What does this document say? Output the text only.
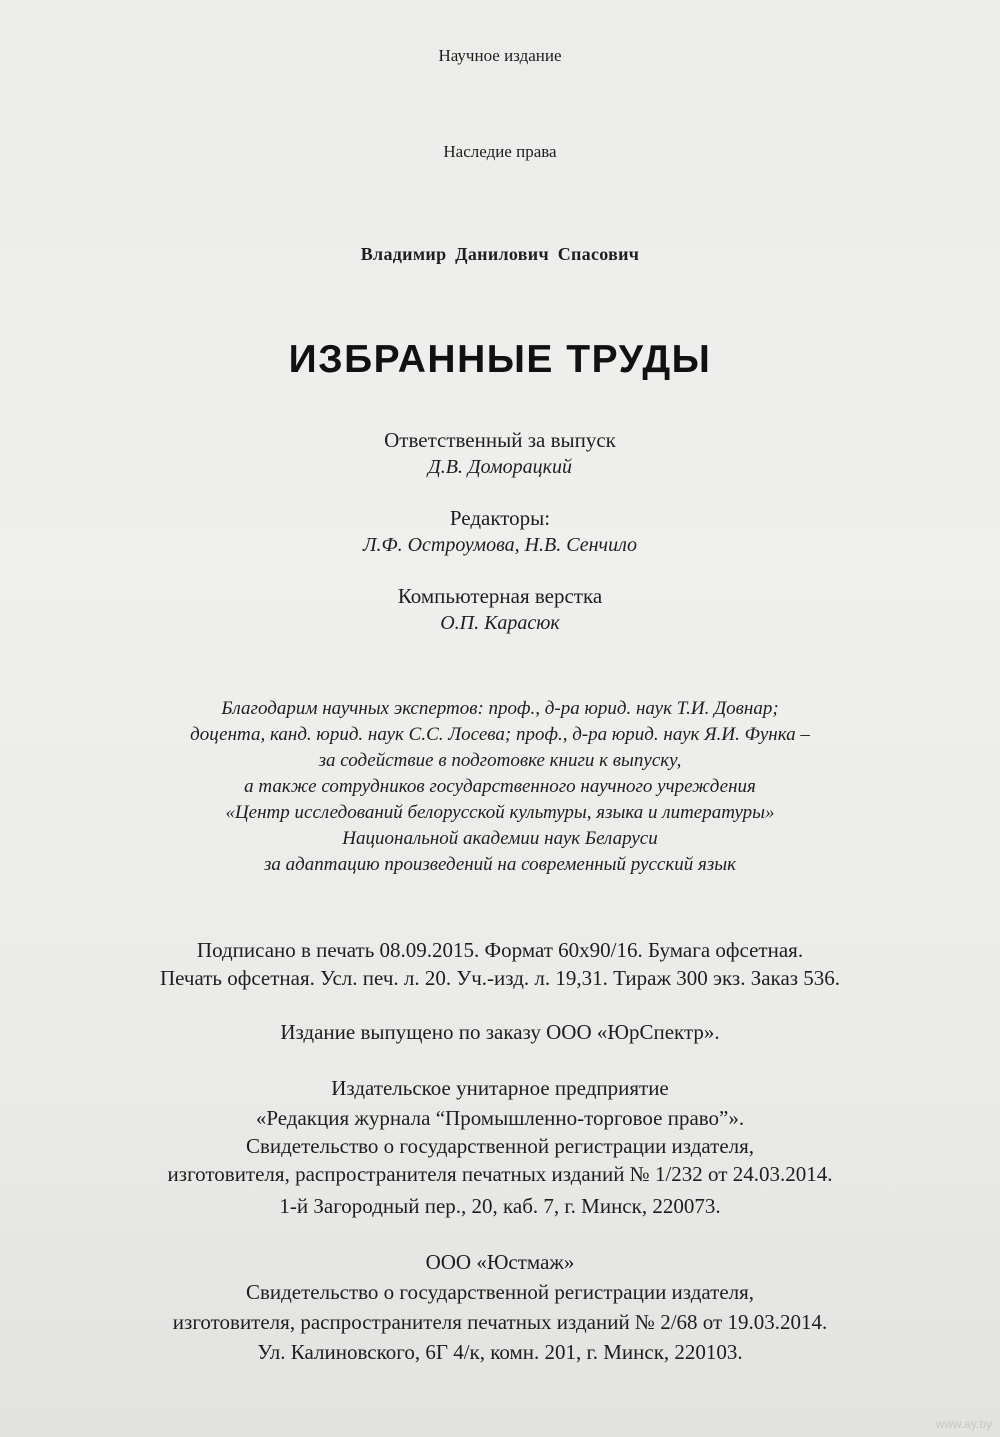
Научное издание
Наследие права
Владимир Данилович Спасович
ИЗБРАННЫЕ ТРУДЫ
Ответственный за выпуск
Д.В. Доморацкий
Редакторы:
Л.Ф. Остроумова, Н.В. Сенчило
Компьютерная верстка
О.П. Карасюк
Благодарим научных экспертов: проф., д-ра юрид. наук Т.И. Довнар;
доцента, канд. юрид. наук С.С. Лосева; проф., д-ра юрид. наук Я.И. Функа –
за содействие в подготовке книги к выпуску,
а также сотрудников государственного научного учреждения
«Центр исследований белорусской культуры, языка и литературы»
Национальной академии наук Беларуси
за адаптацию произведений на современный русский язык
Подписано в печать 08.09.2015. Формат 60х90/16. Бумага офсетная.
Печать офсетная. Усл. печ. л. 20. Уч.-изд. л. 19,31. Тираж 300 экз. Заказ 536.
Издание выпущено по заказу ООО «ЮрСпектр».
Издательское унитарное предприятие
«Редакция журнала “Промышленно-торговое право”».
Свидетельство о государственной регистрации издателя,
изготовителя, распространителя печатных изданий № 1/232 от 24.03.2014.
1-й Загородный пер., 20, каб. 7, г. Минск, 220073.
ООО «Юстмаж»
Свидетельство о государственной регистрации издателя,
изготовителя, распространителя печатных изданий № 2/68 от 19.03.2014.
Ул. Калиновского, 6Г 4/к, комн. 201, г. Минск, 220103.
www.ay.by
